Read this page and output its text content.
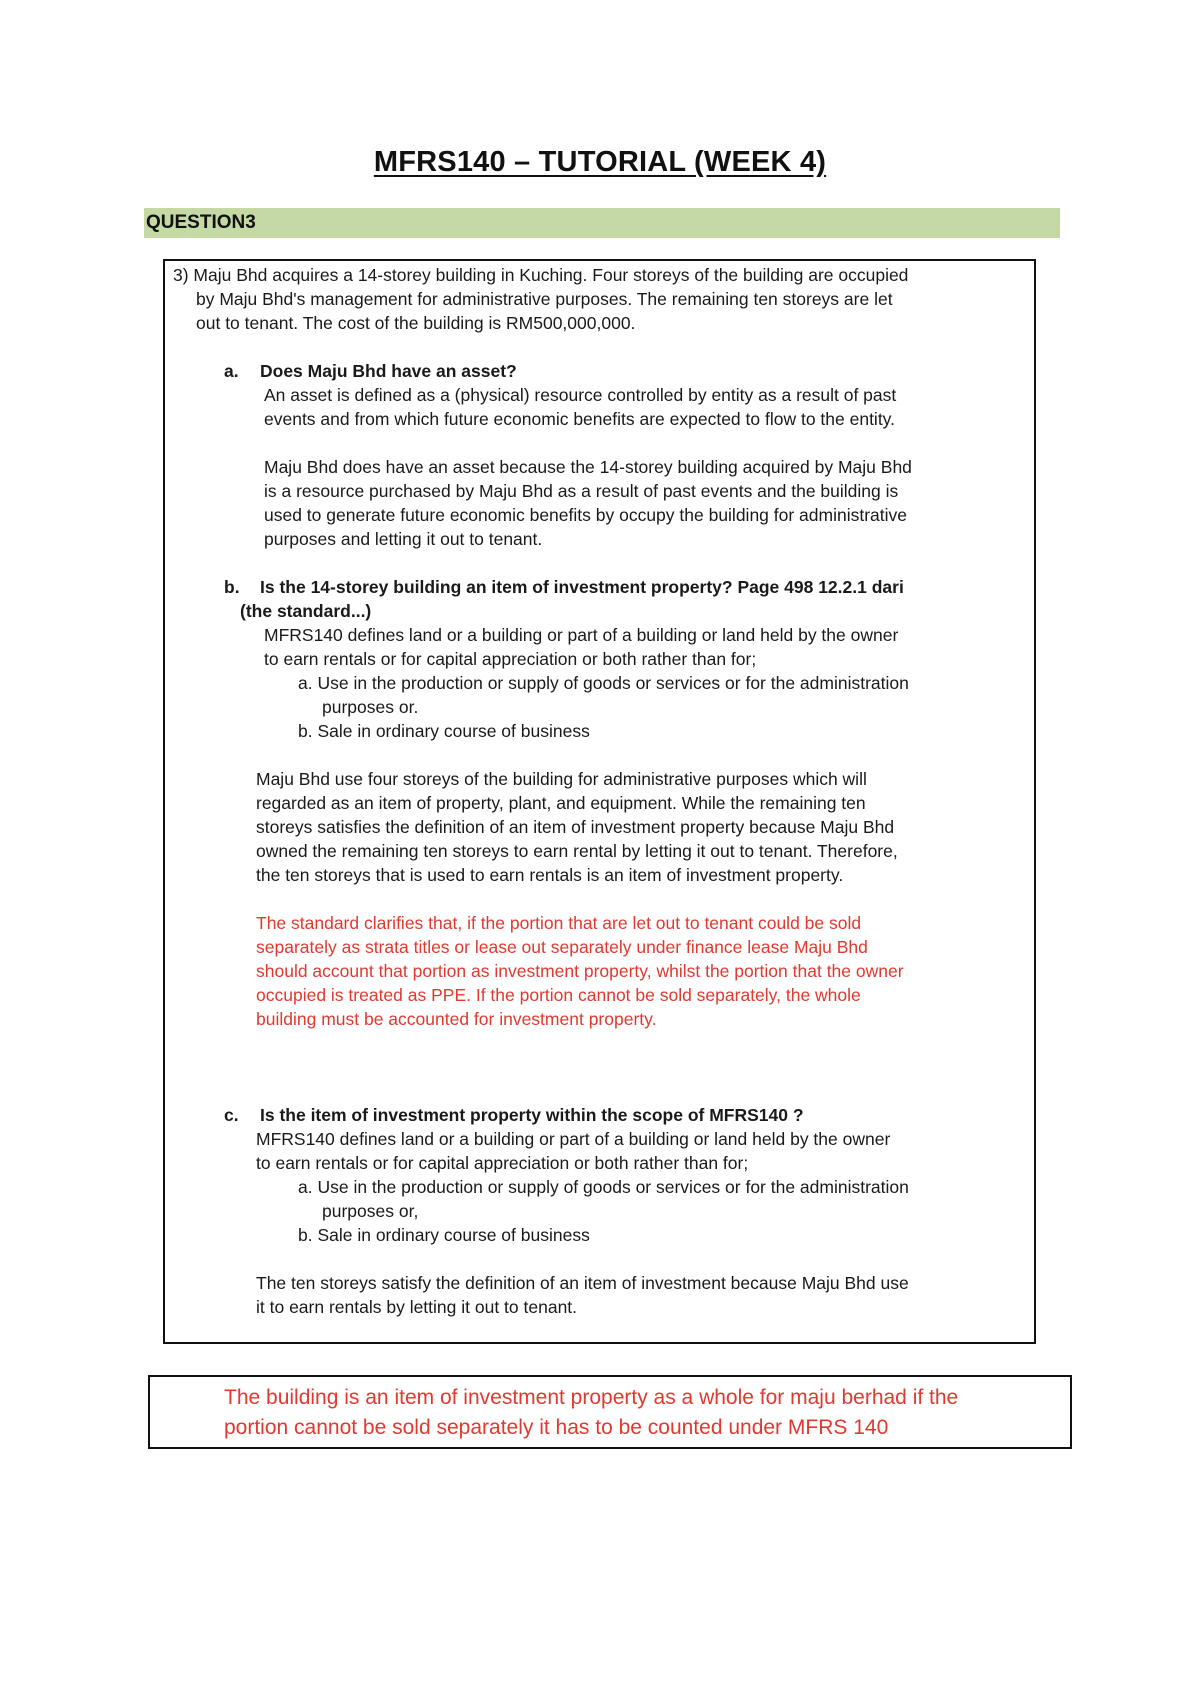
MFRS140 – TUTORIAL (WEEK 4)
QUESTION3
3) Maju Bhd acquires a 14-storey building in Kuching. Four storeys of the building are occupied
by Maju Bhd's management for administrative purposes. The remaining ten storeys are let
out to tenant. The cost of the building is RM500,000,000.
a. Does Maju Bhd have an asset?
An asset is defined as a (physical) resource controlled by entity as a result of past
events and from which future economic benefits are expected to flow to the entity.
Maju Bhd does have an asset because the 14-storey building acquired by Maju Bhd
is a resource purchased by Maju Bhd as a result of past events and the building is
used to generate future economic benefits by occupy the building for administrative
purposes and letting it out to tenant.
b. Is the 14-storey building an item of investment property? Page 498 12.2.1 dari
(the standard...)
MFRS140 defines land or a building or part of a building or land held by the owner
to earn rentals or for capital appreciation or both rather than for;
a. Use in the production or supply of goods or services or for the administration
purposes or.
b. Sale in ordinary course of business
Maju Bhd use four storeys of the building for administrative purposes which will
regarded as an item of property, plant, and equipment. While the remaining ten
storeys satisfies the definition of an item of investment property because Maju Bhd
owned the remaining ten storeys to earn rental by letting it out to tenant. Therefore,
the ten storeys that is used to earn rentals is an item of investment property.
The standard clarifies that, if the portion that are let out to tenant could be sold
separately as strata titles or lease out separately under finance lease Maju Bhd
should account that portion as investment property, whilst the portion that the owner
occupied is treated as PPE. If the portion cannot be sold separately, the whole
building must be accounted for investment property.
c. Is the item of investment property within the scope of MFRS140 ?
MFRS140 defines land or a building or part of a building or land held by the owner
to earn rentals or for capital appreciation or both rather than for;
a. Use in the production or supply of goods or services or for the administration
purposes or,
b. Sale in ordinary course of business
The ten storeys satisfy the definition of an item of investment because Maju Bhd use
it to earn rentals by letting it out to tenant.
The building is an item of investment property as a whole for maju berhad if the
portion cannot be sold separately it has to be counted under MFRS 140
